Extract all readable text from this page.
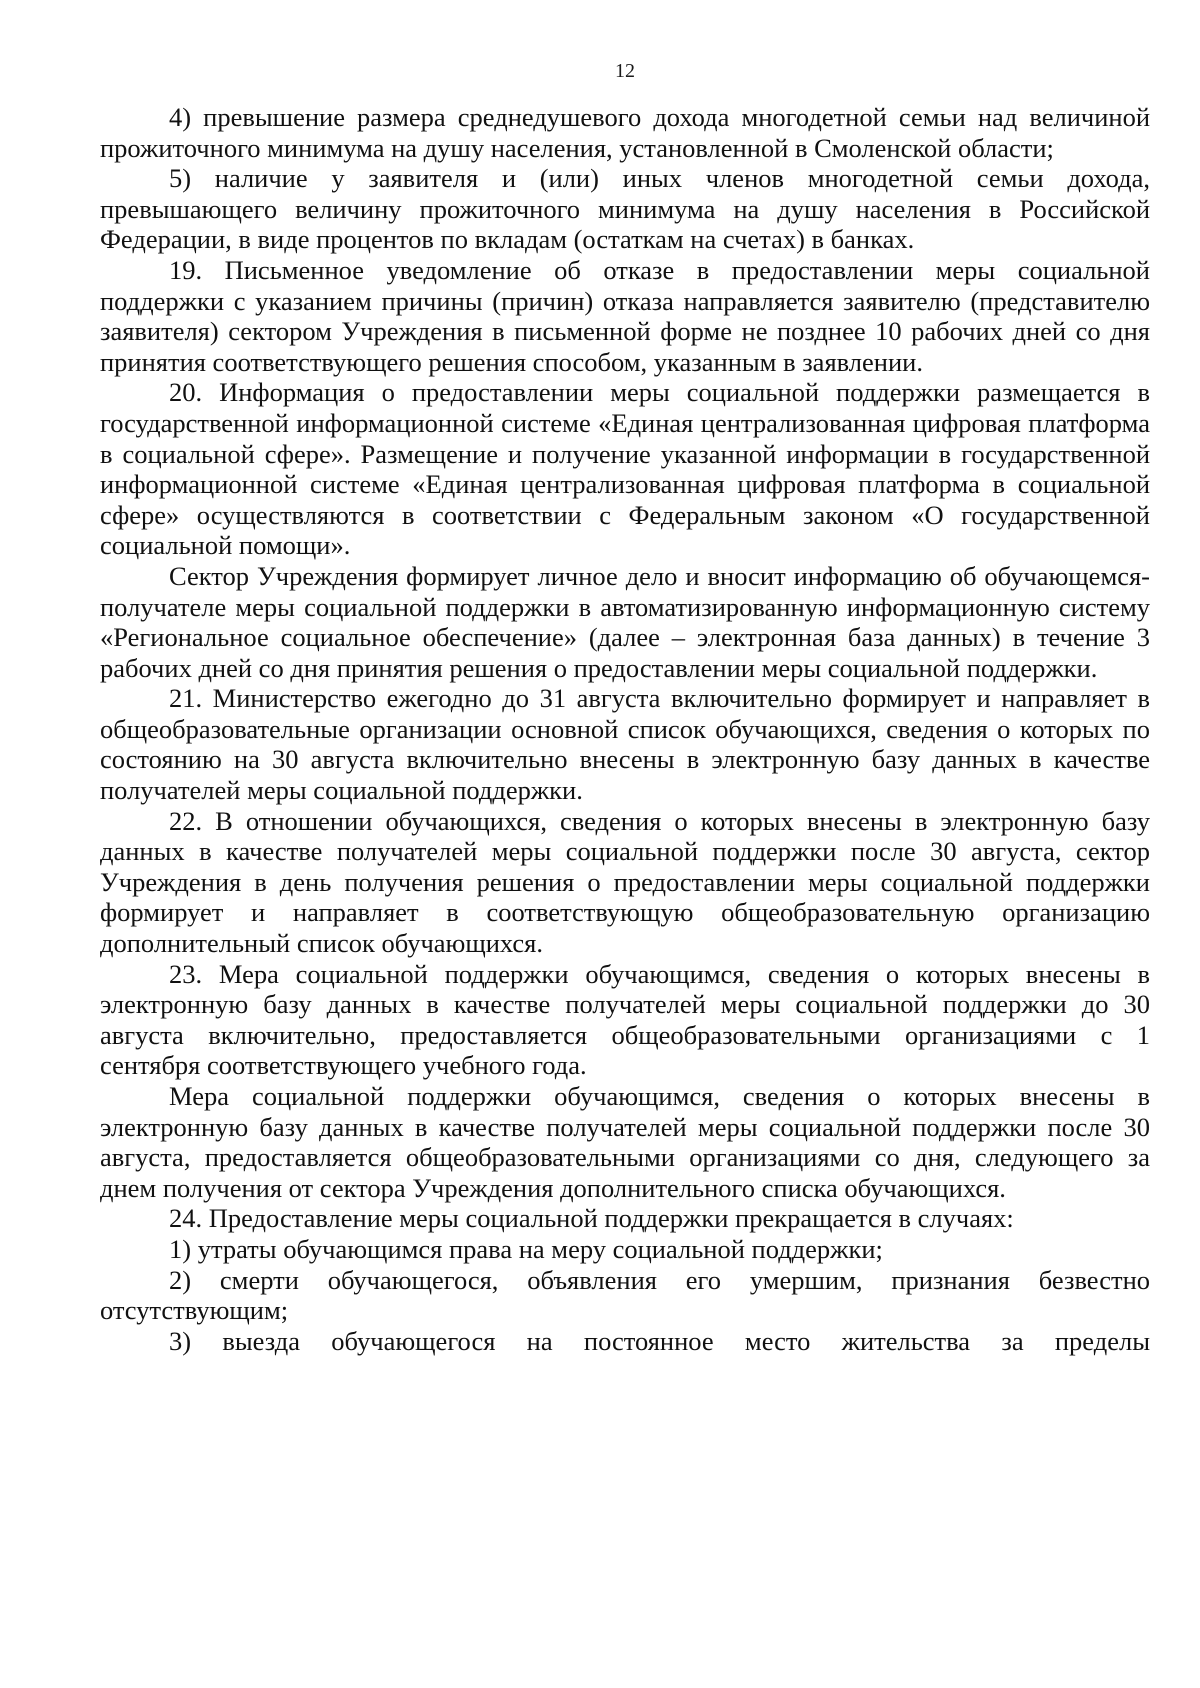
12

4) превышение размера среднедушевого дохода многодетной семьи над величиной прожиточного минимума на душу населения, установленной в Смоленской области;

5) наличие у заявителя и (или) иных членов многодетной семьи дохода, превышающего величину прожиточного минимума на душу населения в Российской Федерации, в виде процентов по вкладам (остаткам на счетах) в банках.

19. Письменное уведомление об отказе в предоставлении меры социальной поддержки с указанием причины (причин) отказа направляется заявителю (представителю заявителя) сектором Учреждения в письменной форме не позднее 10 рабочих дней со дня принятия соответствующего решения способом, указанным в заявлении.

20. Информация о предоставлении меры социальной поддержки размещается в государственной информационной системе «Единая централизованная цифровая платформа в социальной сфере». Размещение и получение указанной информации в государственной информационной системе «Единая централизованная цифровая платформа в социальной сфере» осуществляются в соответствии с Федеральным законом «О государственной социальной помощи».

Сектор Учреждения формирует личное дело и вносит информацию об обучающемся-получателе меры социальной поддержки в автоматизированную информационную систему «Региональное социальное обеспечение» (далее – электронная база данных) в течение 3 рабочих дней со дня принятия решения о предоставлении меры социальной поддержки.

21. Министерство ежегодно до 31 августа включительно формирует и направляет в общеобразовательные организации основной список обучающихся, сведения о которых по состоянию на 30 августа включительно внесены в электронную базу данных в качестве получателей меры социальной поддержки.

22. В отношении обучающихся, сведения о которых внесены в электронную базу данных в качестве получателей меры социальной поддержки после 30 августа, сектор Учреждения в день получения решения о предоставлении меры социальной поддержки формирует и направляет в соответствующую общеобразовательную организацию дополнительный список обучающихся.

23. Мера социальной поддержки обучающимся, сведения о которых внесены в электронную базу данных в качестве получателей меры социальной поддержки до 30 августа включительно, предоставляется общеобразовательными организациями с 1 сентября соответствующего учебного года.

Мера социальной поддержки обучающимся, сведения о которых внесены в электронную базу данных в качестве получателей меры социальной поддержки после 30 августа, предоставляется общеобразовательными организациями со дня, следующего за днем получения от сектора Учреждения дополнительного списка обучающихся.

24. Предоставление меры социальной поддержки прекращается в случаях:

1) утраты обучающимся права на меру социальной поддержки;

2) смерти обучающегося, объявления его умершим, признания безвестно отсутствующим;

3) выезда обучающегося на постоянное место жительства за пределы
